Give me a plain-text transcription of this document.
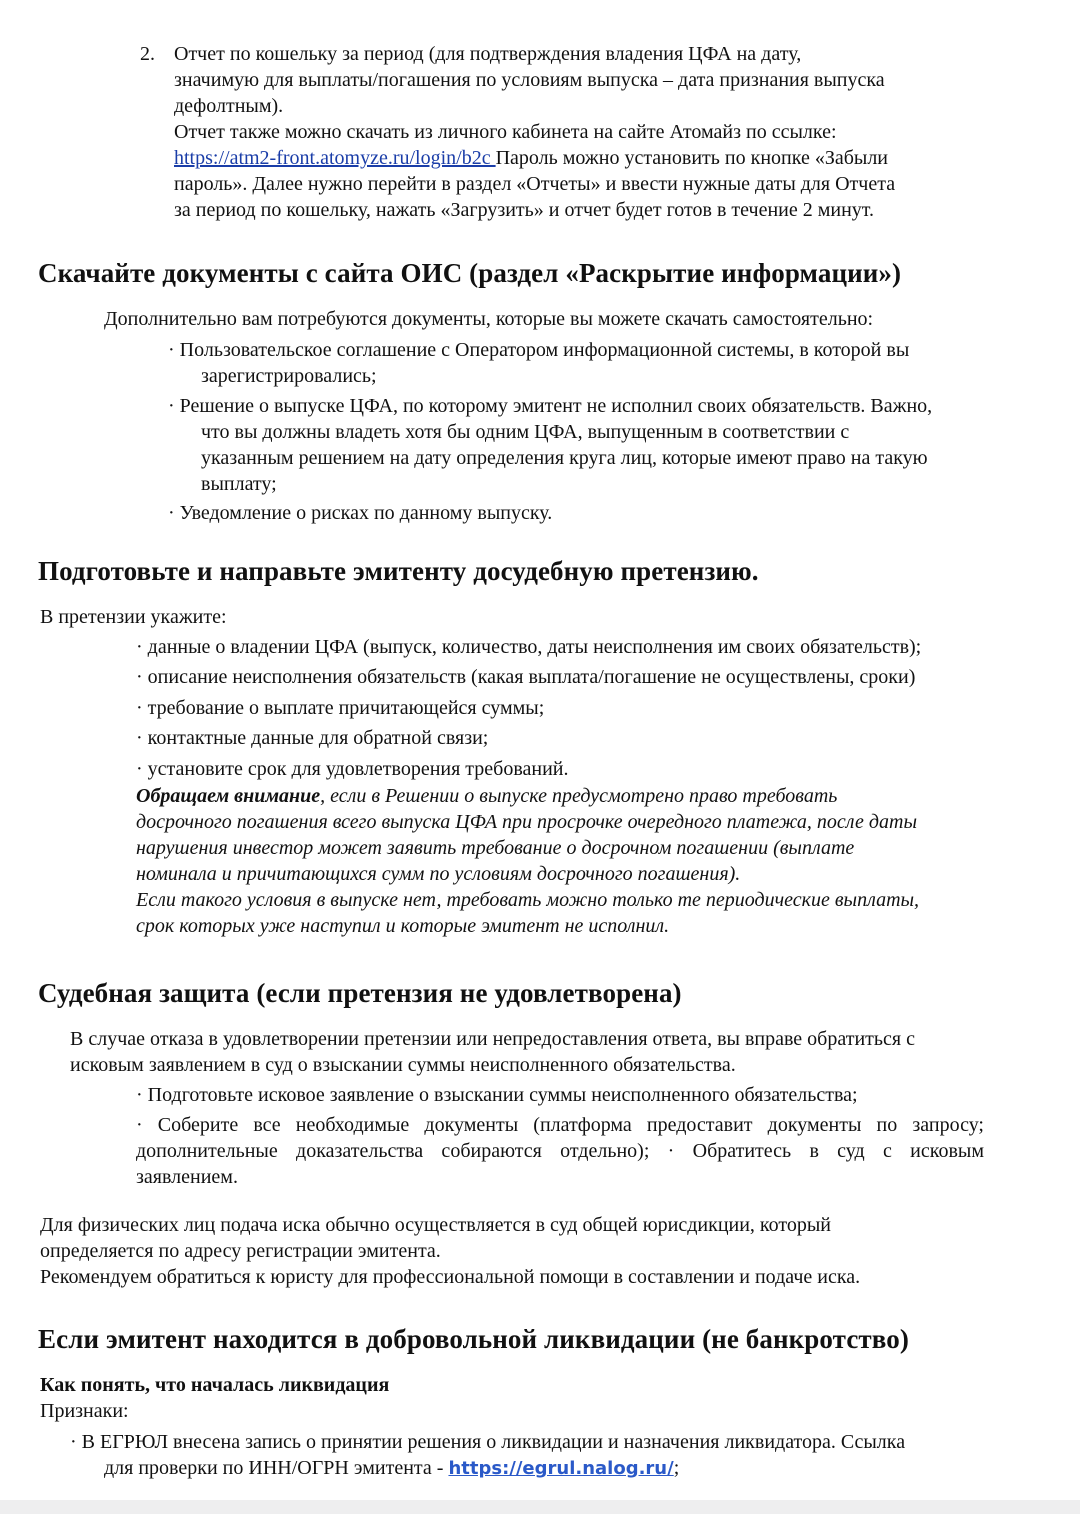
2. Отчет по кошельку за период (для подтверждения владения ЦФА на дату,
значимую для выплаты/погашения по условиям выпуска – дата признания выпуска
дефолтным).
Отчет также можно скачать из личного кабинета на сайте Атомайз по ссылке:
https://atm2-front.atomyze.ru/login/b2c Пароль можно установить по кнопке «Забыли
пароль». Далее нужно перейти в раздел «Отчеты» и ввести нужные даты для Отчета
за период по кошельку, нажать «Загрузить» и отчет будет готов в течение 2 минут.
Скачайте документы с сайта ОИС (раздел «Раскрытие информации»)
Дополнительно вам потребуются документы, которые вы можете скачать самостоятельно:
· Пользовательское соглашение с Оператором информационной системы, в которой вы
зарегистрировались;
· Решение о выпуске ЦФА, по которому эмитент не исполнил своих обязательств. Важно,
что вы должны владеть хотя бы одним ЦФА, выпущенным в соответствии с
указанным решением на дату определения круга лиц, которые имеют право на такую
выплату;
· Уведомление о рисках по данному выпуску.
Подготовьте и направьте эмитенту досудебную претензию.
В претензии укажите:
· данные о владении ЦФА (выпуск, количество, даты неисполнения им своих обязательств);
· описание неисполнения обязательств (какая выплата/погашение не осуществлены, сроки)
· требование о выплате причитающейся суммы;
· контактные данные для обратной связи;
· установите срок для удовлетворения требований.
Обращаем внимание, если в Решении о выпуске предусмотрено право требовать
досрочного погашения всего выпуска ЦФА при просрочке очередного платежа, после даты
нарушения инвестор может заявить требование о досрочном погашении (выплате
номинала и причитающихся сумм по условиям досрочного погашения).
Если такого условия в выпуске нет, требовать можно только те периодические выплаты,
срок которых уже наступил и которые эмитент не исполнил.
Судебная защита (если претензия не удовлетворена)
В случае отказа в удовлетворении претензии или непредоставления ответа, вы вправе обратиться с
исковым заявлением в суд о взыскании суммы неисполненного обязательства.
· Подготовьте исковое заявление о взыскании суммы неисполненного обязательства;
· Соберите все необходимые документы (платформа предоставит документы по запросу;
дополнительные доказательства собираются отдельно); · Обратитесь в суд с исковым
заявлением.
Для физических лиц подача иска обычно осуществляется в суд общей юрисдикции, который
определяется по адресу регистрации эмитента.
Рекомендуем обратиться к юристу для профессиональной помощи в составлении и подаче иска.
Если эмитент находится в добровольной ликвидации (не банкротство)
Как понять, что началась ликвидация
Признаки:
· В ЕГРЮЛ внесена запись о принятии решения о ликвидации и назначения ликвидатора. Ссылка
для проверки по ИНН/ОГРН эмитента - https://egrul.nalog.ru/;
